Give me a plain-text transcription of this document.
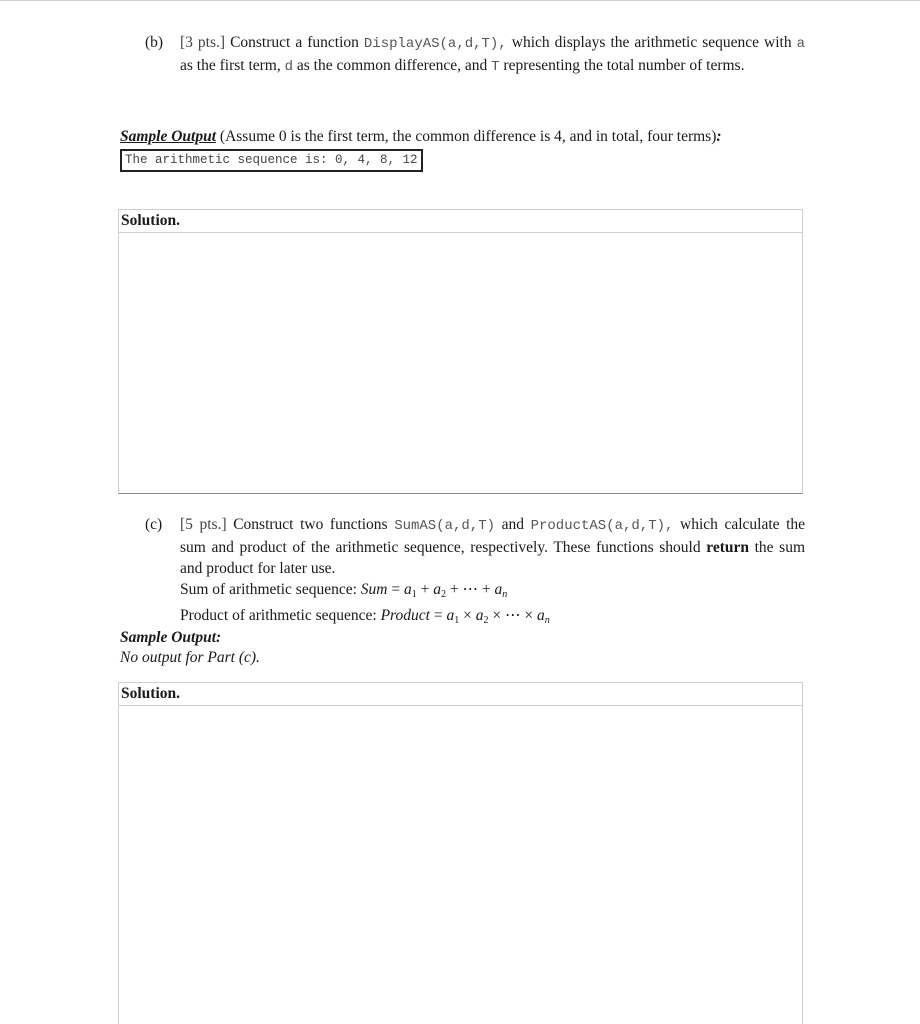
(b) [3 pts.] Construct a function DisplayAS(a,d,T), which displays the arithmetic sequence with a as the first term, d as the common difference, and T representing the total number of terms.
Sample Output (Assume 0 is the first term, the common difference is 4, and in total, four terms):
The arithmetic sequence is: 0, 4, 8, 12
Solution.
(c) [5 pts.] Construct two functions SumAS(a,d,T) and ProductAS(a,d,T), which calculate the sum and product of the arithmetic sequence, respectively. These functions should return the sum and product for later use.
Sum of arithmetic sequence: Sum = $a_1 + a_2$ + ⋯ + $a_n$
Product of arithmetic sequence: Product = $a_1 \times a_2$ × ⋯ × $a_n$
Sample Output:
No output for Part (c).
Solution.
